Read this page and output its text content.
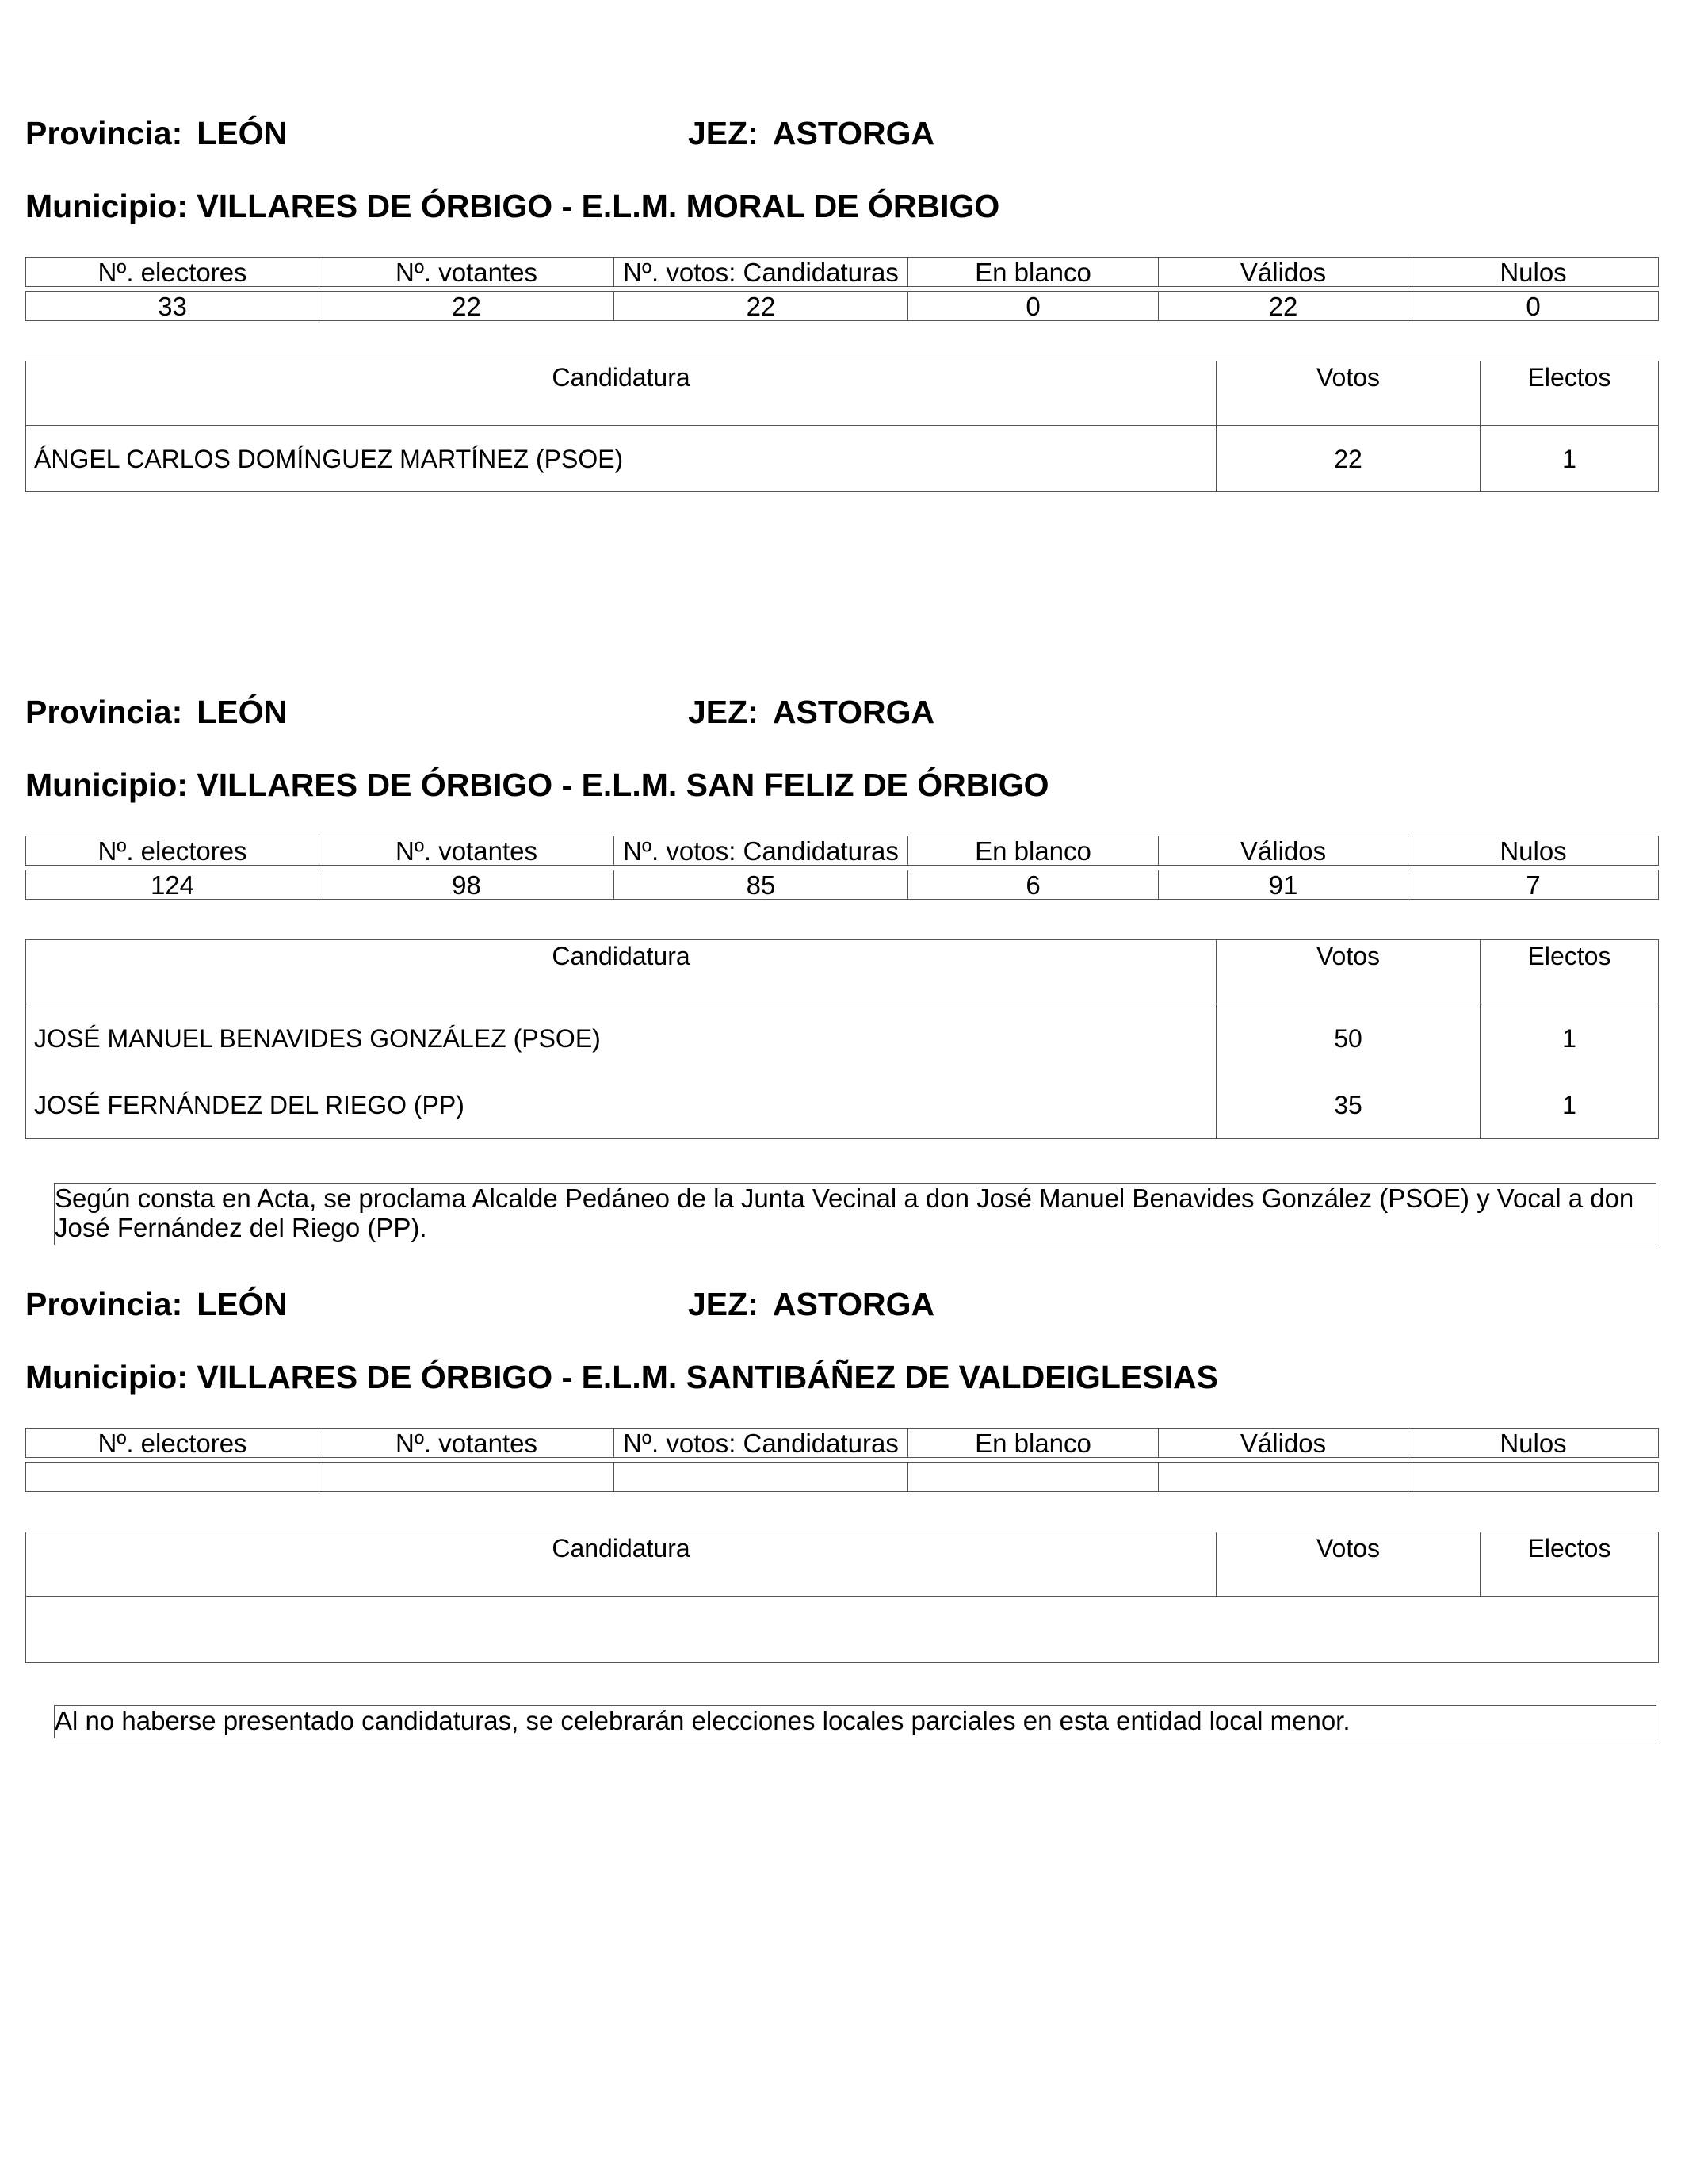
Provincia: LEÓN	JEZ: ASTORGA
Municipio: VILLARES DE ÓRBIGO - E.L.M. MORAL DE ÓRBIGO
Nº. electores	Nº. votantes	Nº. votos: Candidaturas	En blanco	Válidos	Nulos

33	22	22	0	22	0
Candidatura	Votos	Electos
ÁNGEL CARLOS DOMÍNGUEZ MARTÍNEZ (PSOE)	22	1
Provincia: LEÓN	JEZ: ASTORGA
Municipio: VILLARES DE ÓRBIGO - E.L.M. SAN FELIZ DE ÓRBIGO
Nº. electores	Nº. votantes	Nº. votos: Candidaturas	En blanco	Válidos	Nulos

124	98	85	6	91	7
Candidatura	Votos	Electos
JOSÉ MANUEL BENAVIDES GONZÁLEZ (PSOE)	50	1
JOSÉ FERNÁNDEZ DEL RIEGO (PP)	35	1
Según consta en Acta, se proclama Alcalde Pedáneo de la Junta Vecinal a don José Manuel Benavides González (PSOE) y Vocal a don José Fernández del Riego (PP).
Provincia: LEÓN	JEZ: ASTORGA
Municipio: VILLARES DE ÓRBIGO - E.L.M. SANTIBÁÑEZ DE VALDEIGLESIAS
Nº. electores	Nº. votantes	Nº. votos: Candidaturas	En blanco	Válidos	Nulos

Candidatura	Votos	Electos

Al no haberse presentado candidaturas, se celebrarán elecciones locales parciales en esta entidad local menor.
